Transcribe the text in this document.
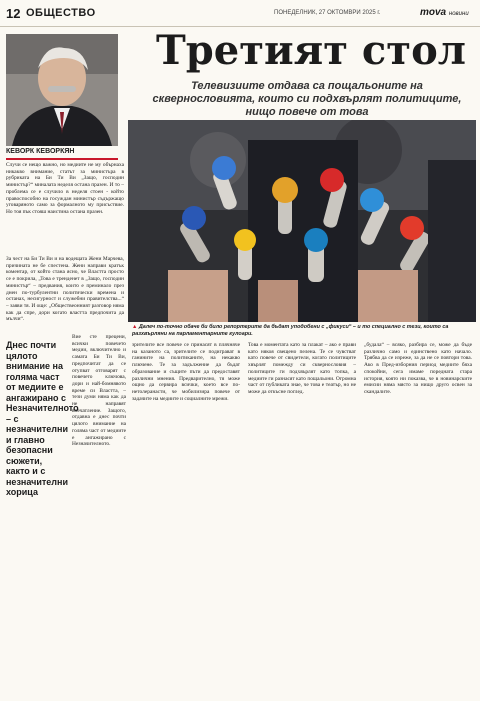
12 ОБЩЕСТВО	ПОНЕДЕЛНИК, 27 ОКТОМВРИ 2025 г.	mova новини
КЕВОРК КЕВОРКЯН
Третият стол

Телевизиите отдава са пощальоните на сквернословията, които си подхвърлят политиците, нищо повече от това

▲ Далеч по-точно обаче би било репортерите да бъдат уподобени с „фикуси“ – и то специално с тези, които са разхвърляни на парламентарните кулоари.

Случи се нещо важно, но медиите не му обърнаха никакво внимание, статът за министъра в рубриката на Би Ти Ви „Защо, господин министър?“ миналата неделя остана празен. И то – проблема се е случило в неделя стоен - който правоспособно на госуждан министър съдържащо уговаряното само за формалното му присъствие. Но тоя пък стояш наистина остана празен.

За чест на Би Ти Ви и на водещата Жени Марчева, причината не бе спестена. Жени направи кратък коментар, от който стана ясно, че Властта просто се е покрила, „Това е тренденет в „Защо, господин министър“ – предвания, които е преминало през днен по-турбулентни политически времена и останах, несигурност и служебни правителства...“ – заяви тя. И още: „Обществеонният разговор няма как да спре, дори когато властта предпочита да мълчи“.

Днес почти цялото внимание на голяма част от медиите е ангажирано с Незначителното – с незначителни и главно безопасни сюжети, както и с незначителни хорица

Вие сте прецени, всички повечето медии, включително и самата Би Ти Ви, предпочитат да се отупват отговарят с повечето ключова, дори и най-бомнявото време си Властта, – тези думи няма как да не направят впечатление. Защото, отдавна е днес почти цялото внимание на голяма част от медиите е ангажирано с Незначителното.

зрителите все повече се принасят в плячняче на казаното са, зрителите се подиграват в ганините на политиканите, на некакво плючене. Те за задължение да бъдат образование и същите пъти да предоставят различни мнения. Предварително, тя може ощно да сервира всички, което все по-нетолеранасти, че мобилизира повече от задачите на медиите и социалните мрежи.

Това е моментата като за плакат – ако е прави като някоя свещено пелена. Те се чувстват като повече от свидетели, когато политиците хвърлят помежду си сквернословия – политиците ги подхвърлят като топка, а медиите ги разнасят като пощальони. Огромна част от публиката знае, че това е театър, но не може да откъсне поглед.

„будала“ – всяко, разбира се, може да бъде различно само и единствено като начало. Трябва да се изреже, за да не се повтори това. Ако в Пред-изборния период медиите бяха спокойни, сега имаме поредната стара история, която ни показва, че в новинарските емисии няма място за нищо друго освен за скандалите.
